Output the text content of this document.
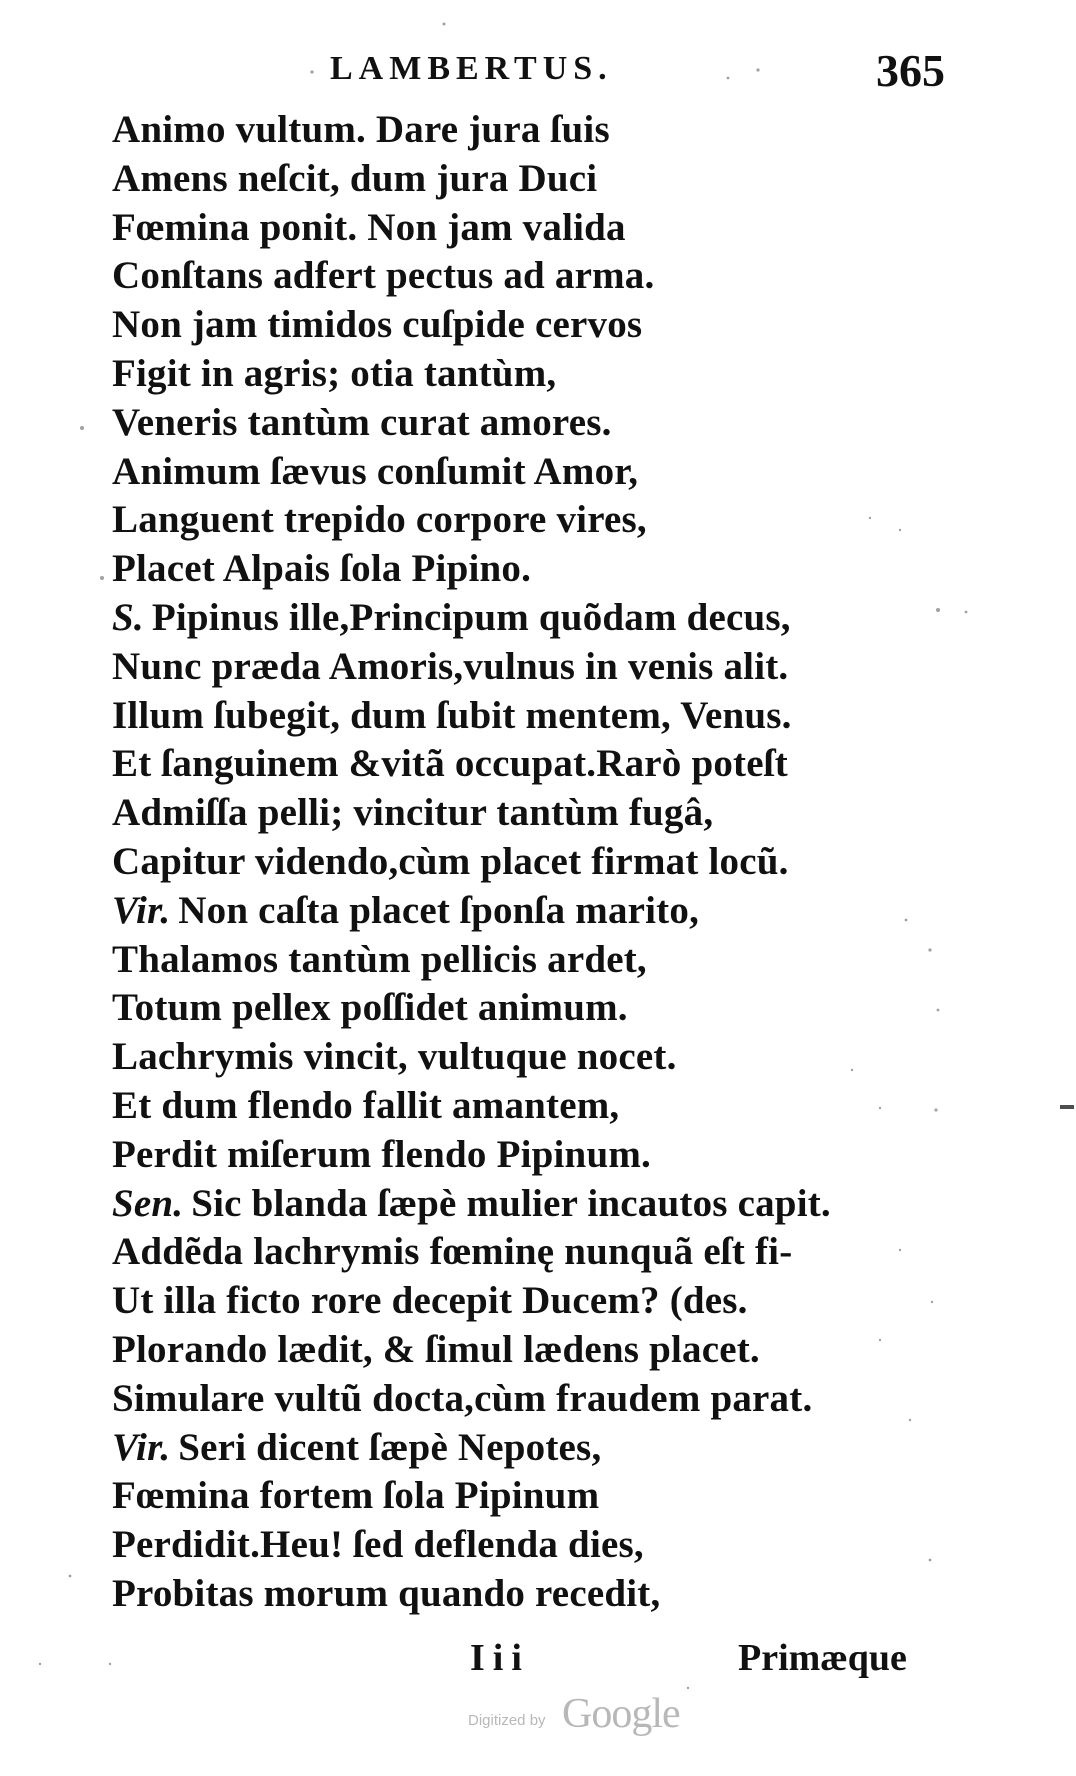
LAMBERTUS.	365
Animo vultum. Dare jura ſuis
Amens neſcit, dum jura Duci
Fœmina ponit. Non jam valida
Conſtans adfert pectus ad arma.
Non jam timidos cuſpide cervos
Figit in agris; otia tantùm,
Veneris tantùm curat amores.
Animum ſævus conſumit Amor,
Languent trepido corpore vires,
Placet Alpais ſola Pipino.
S. Pipinus ille,Principum quõdam decus,
Nunc præda Amoris,vulnus in venis alit.
Illum ſubegit, dum ſubit mentem, Venus.
Et ſanguinem &vitã occupat.Rarò poteſt
Admiſſa pelli; vincitur tantùm fugâ,
Capitur videndo,cùm placet firmat locũ.
Vir. Non caſta placet ſponſa marito,
Thalamos tantùm pellicis ardet,
Totum pellex poſſidet animum.
Lachrymis vincit, vultuque nocet.
Et dum flendo fallit amantem,
Perdit miſerum flendo Pipinum.
Sen. Sic blanda ſæpè mulier incautos capit.
Addẽda lachrymis fœminę nunquã eſt fi-
Ut illa ficto rore decepit Ducem? (des.
Plorando lædit, & ſimul lædens placet.
Simulare vultũ docta,cùm fraudem parat.
Vir. Seri dicent ſæpè Nepotes,
Fœmina fortem ſola Pipinum
Perdidit.Heu! ſed deflenda dies,
Probitas morum quando recedit,
Iii	Primæque
Digitized by Google
